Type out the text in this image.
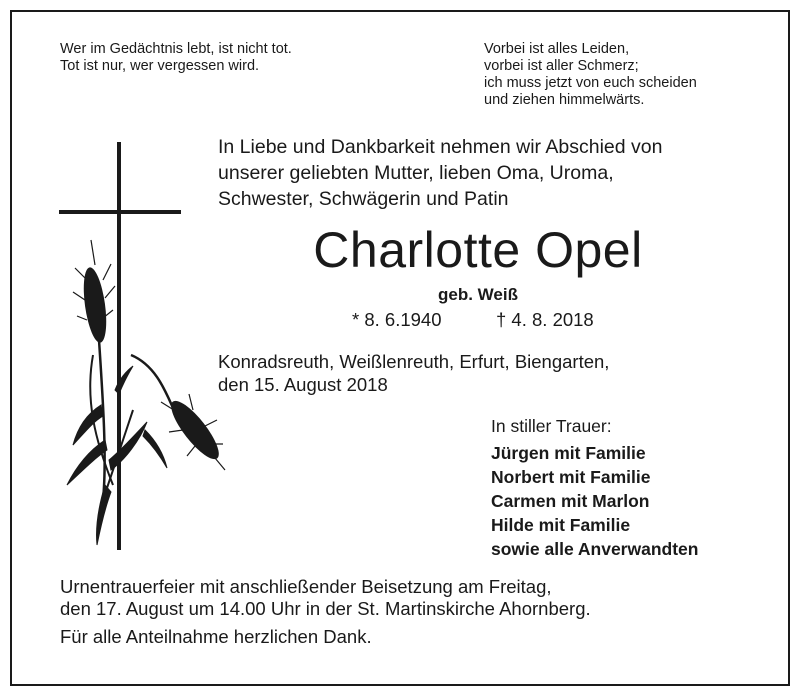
Wer im Gedächtnis lebt, ist nicht tot.
Tot ist nur, wer vergessen wird.
Vorbei ist alles Leiden,
vorbei ist aller Schmerz;
ich muss jetzt von euch scheiden
und ziehen himmelwärts.
In Liebe und Dankbarkeit nehmen wir Abschied von
unserer geliebten Mutter, lieben Oma, Uroma,
Schwester, Schwägerin und Patin
Charlotte Opel
geb. Weiß
* 8. 6.1940	† 4. 8. 2018
Konradsreuth, Weißlenreuth, Erfurt, Biengarten,
den 15. August 2018
In stiller Trauer:
Jürgen mit Familie
Norbert mit Familie
Carmen mit Marlon
Hilde mit Familie
sowie alle Anverwandten
Urnentrauerfeier mit anschließender Beisetzung am Freitag,
den 17. August um 14.00 Uhr in der St. Martinskirche Ahornberg.
Für alle Anteilnahme herzlichen Dank.
